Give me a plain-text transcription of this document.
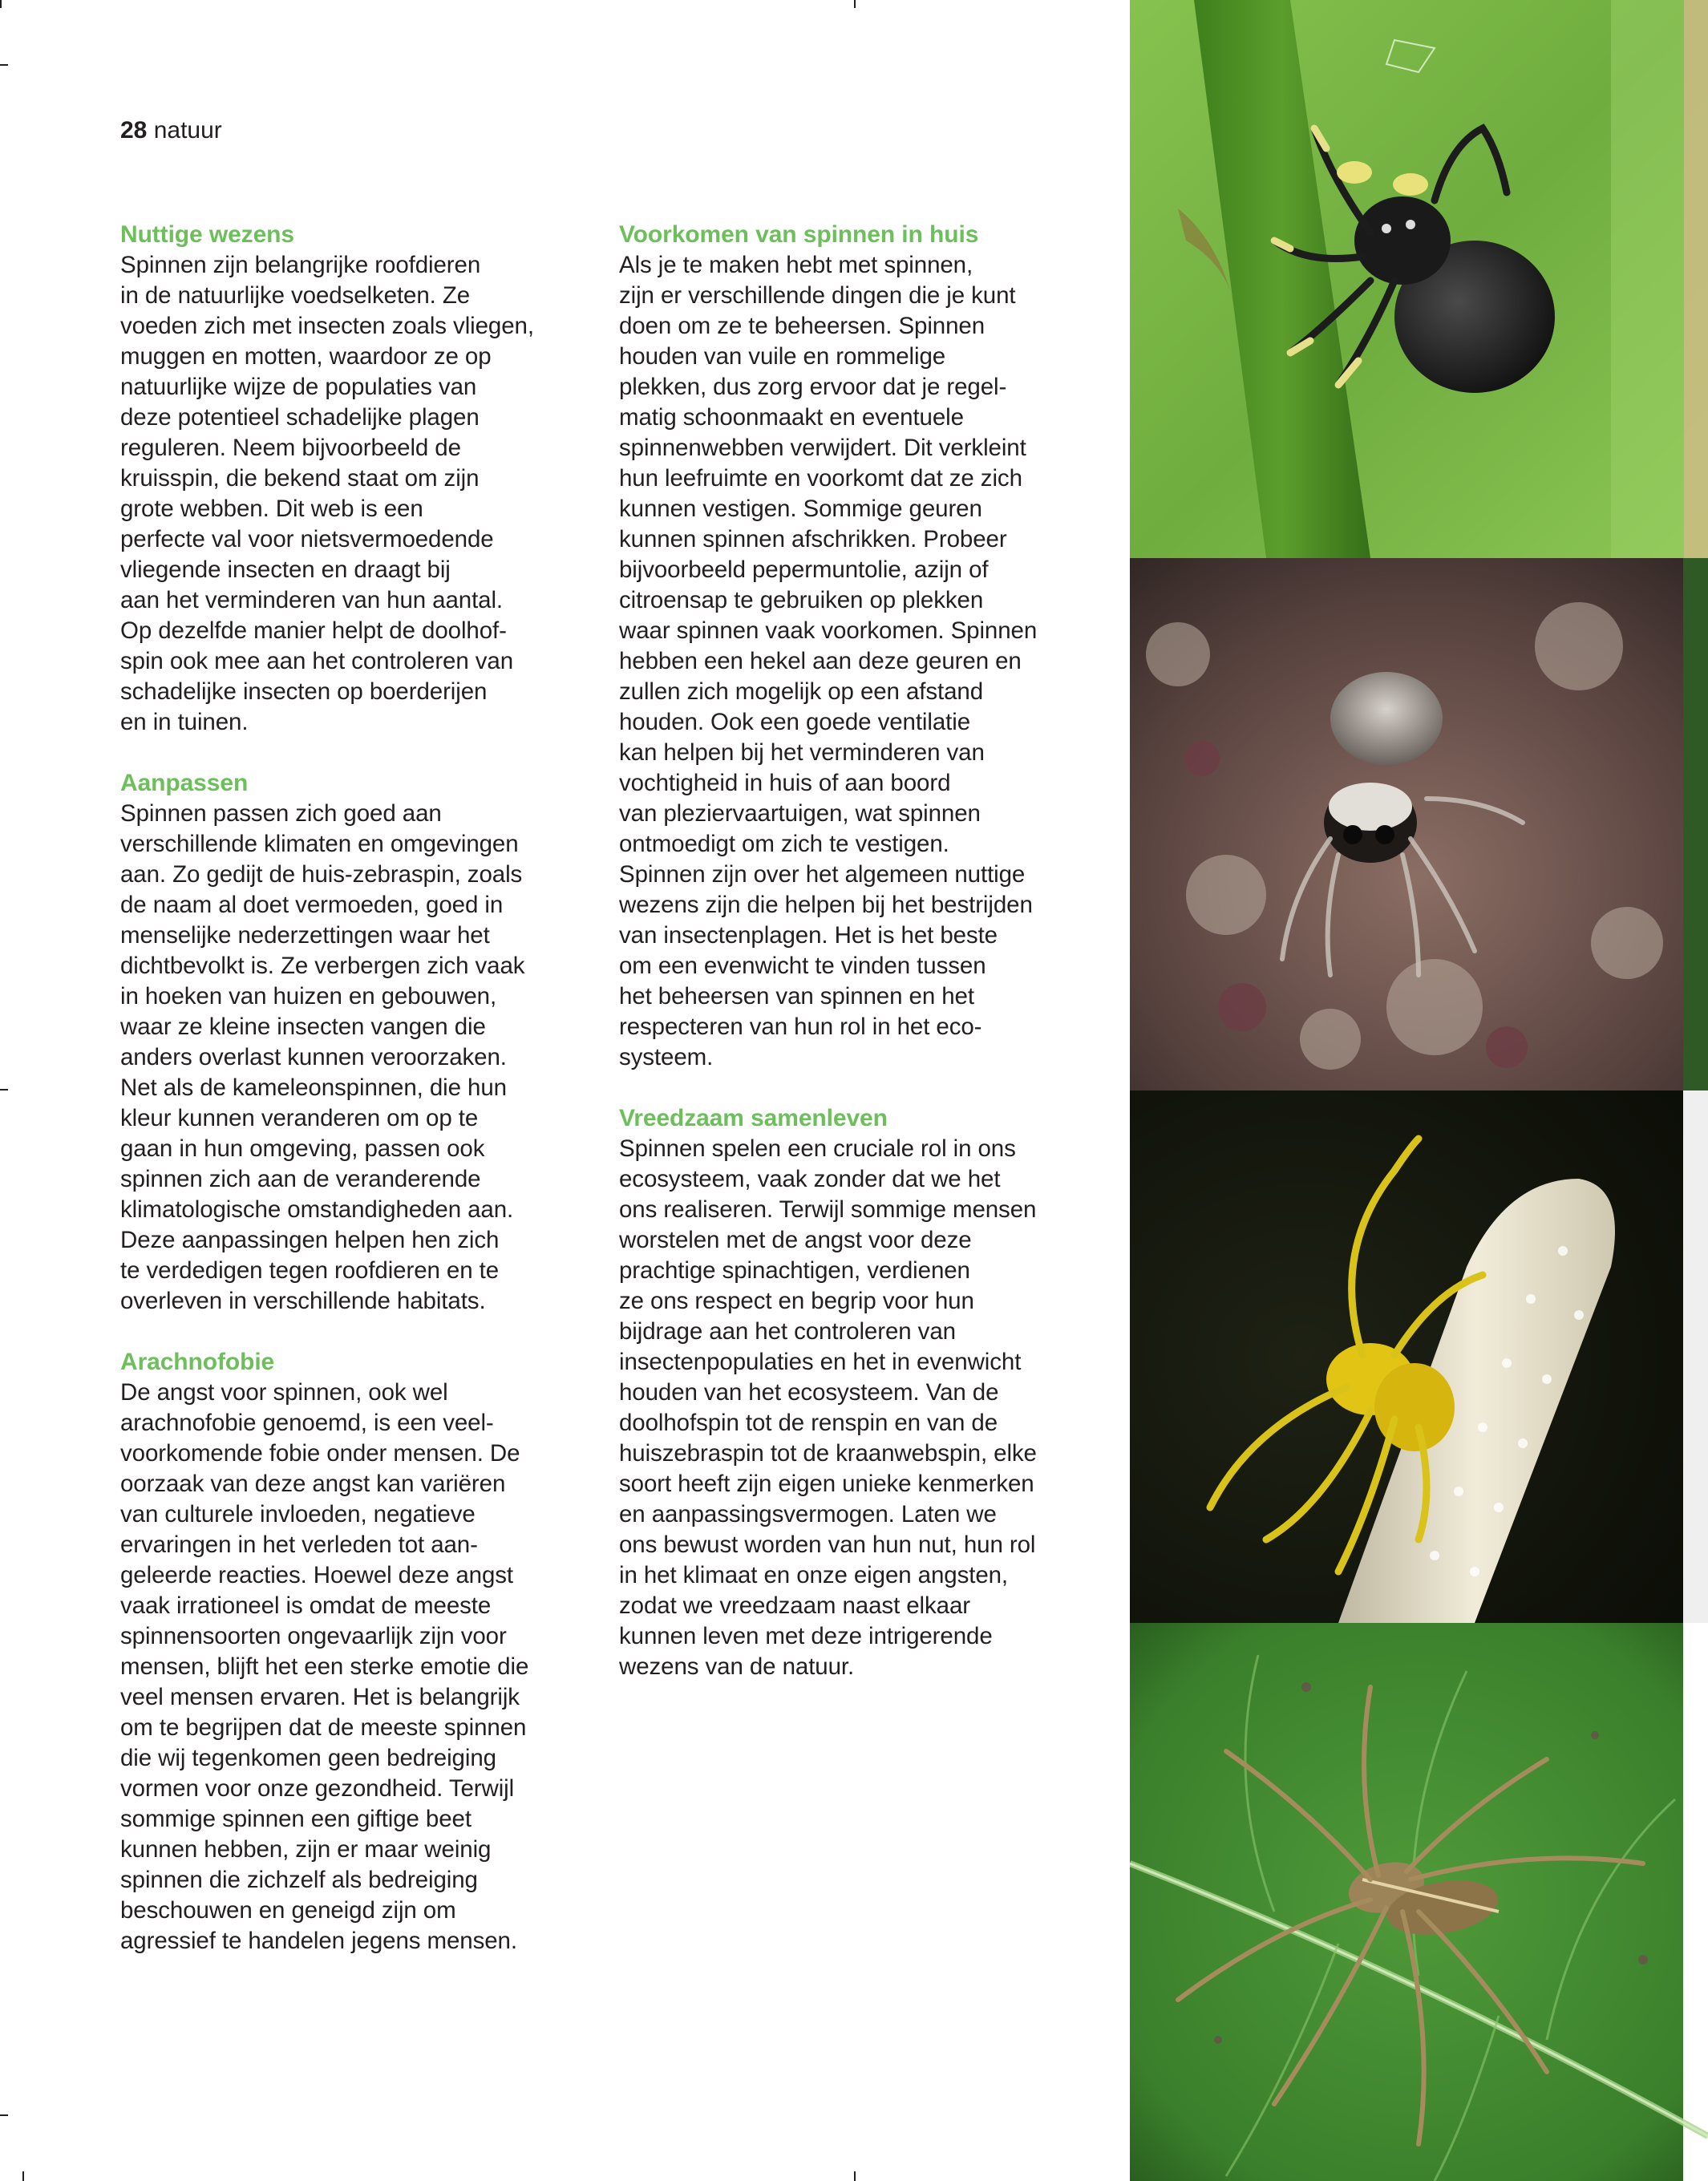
28 natuur
Nuttige wezens

Spinnen zijn belangrijke roofdieren
in de natuurlijke voedselketen. Ze
voeden zich met insecten zoals vliegen,
muggen en motten, waardoor ze op
natuurlijke wijze de populaties van
deze potentieel schadelijke plagen
reguleren. Neem bijvoorbeeld de
kruisspin, die bekend staat om zijn
grote webben. Dit web is een
perfecte val voor nietsvermoedende
vliegende insecten en draagt bij
aan het verminderen van hun aantal.
Op dezelfde manier helpt de doolhof-
spin ook mee aan het controleren van
schadelijke insecten op boerderijen
en in tuinen.

Aanpassen

Spinnen passen zich goed aan
verschillende klimaten en omgevingen
aan. Zo gedijt de huis-zebraspin, zoals
de naam al doet vermoeden, goed in
menselijke nederzettingen waar het
dichtbevolkt is. Ze verbergen zich vaak
in hoeken van huizen en gebouwen,
waar ze kleine insecten vangen die
anders overlast kunnen veroorzaken.
Net als de kameleonspinnen, die hun
kleur kunnen veranderen om op te
gaan in hun omgeving, passen ook
spinnen zich aan de veranderende
klimatologische omstandigheden aan.
Deze aanpassingen helpen hen zich
te verdedigen tegen roofdieren en te
overleven in verschillende habitats.

Arachnofobie

De angst voor spinnen, ook wel
arachnofobie genoemd, is een veel-
voorkomende fobie onder mensen. De
oorzaak van deze angst kan variëren
van culturele invloeden, negatieve
ervaringen in het verleden tot aan-
geleerde reacties. Hoewel deze angst
vaak irrationeel is omdat de meeste
spinnensoorten ongevaarlijk zijn voor
mensen, blijft het een sterke emotie die
veel mensen ervaren. Het is belangrijk
om te begrijpen dat de meeste spinnen
die wij tegenkomen geen bedreiging
vormen voor onze gezondheid. Terwijl
sommige spinnen een giftige beet
kunnen hebben, zijn er maar weinig
spinnen die zichzelf als bedreiging
beschouwen en geneigd zijn om
agressief te handelen jegens mensen.

Voorkomen van spinnen in huis

Als je te maken hebt met spinnen,
zijn er verschillende dingen die je kunt
doen om ze te beheersen. Spinnen
houden van vuile en rommelige
plekken, dus zorg ervoor dat je regel-
matig schoonmaakt en eventuele
spinnenwebben verwijdert. Dit verkleint
hun leefruimte en voorkomt dat ze zich
kunnen vestigen. Sommige geuren
kunnen spinnen afschrikken. Probeer
bijvoorbeeld pepermuntolie, azijn of
citroensap te gebruiken op plekken
waar spinnen vaak voorkomen. Spinnen
hebben een hekel aan deze geuren en
zullen zich mogelijk op een afstand
houden. Ook een goede ventilatie
kan helpen bij het verminderen van
vochtigheid in huis of aan boord
van pleziervaartuigen, wat spinnen
ontmoedigt om zich te vestigen.
Spinnen zijn over het algemeen nuttige
wezens zijn die helpen bij het bestrijden
van insectenplagen. Het is het beste
om een evenwicht te vinden tussen
het beheersen van spinnen en het
respecteren van hun rol in het eco-
systeem.

Vreedzaam samenleven

Spinnen spelen een cruciale rol in ons
ecosysteem, vaak zonder dat we het
ons realiseren. Terwijl sommige mensen
worstelen met de angst voor deze
prachtige spinachtigen, verdienen
ze ons respect en begrip voor hun
bijdrage aan het controleren van
insectenpopulaties en het in evenwicht
houden van het ecosysteem. Van de
doolhofspin tot de renspin en van de
huiszebraspin tot de kraanwebspin, elke
soort heeft zijn eigen unieke kenmerken
en aanpassingsvermogen. Laten we
ons bewust worden van hun nut, hun rol
in het klimaat en onze eigen angsten,
zodat we vreedzaam naast elkaar
kunnen leven met deze intrigerende
wezens van de natuur.
